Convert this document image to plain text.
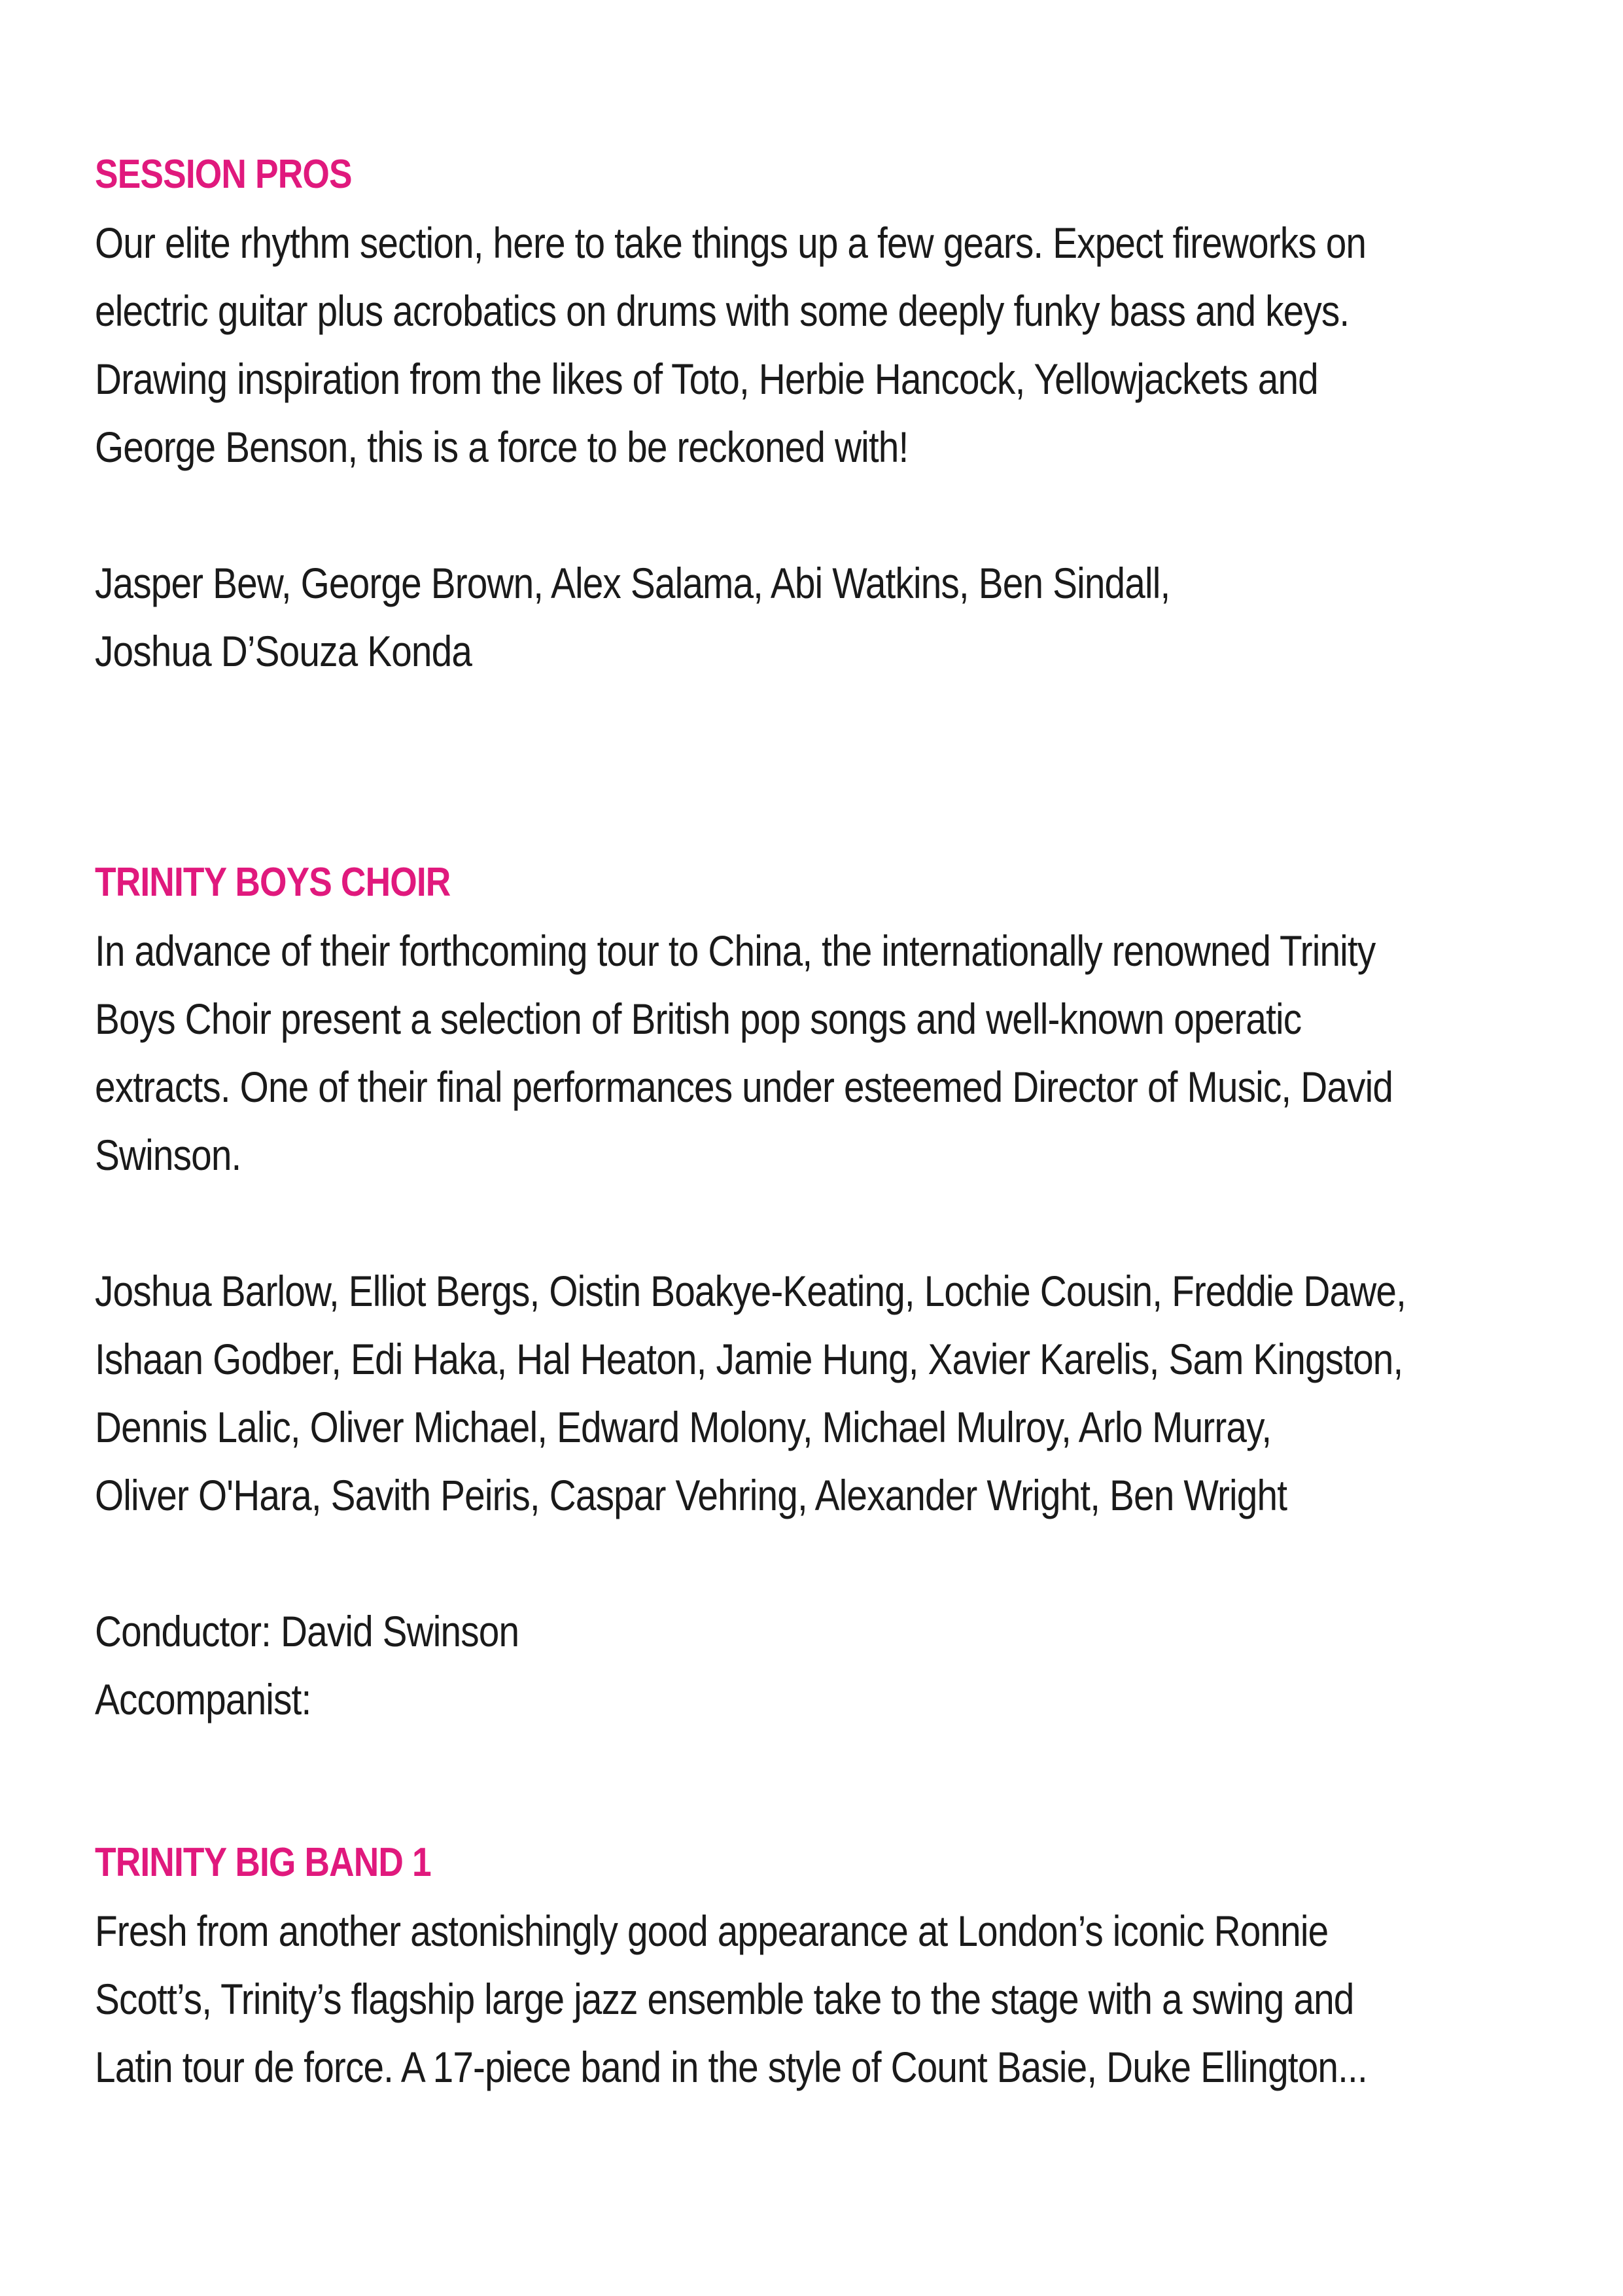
SESSION PROS

Our elite rhythm section, here to take things up a few gears. Expect fireworks on
electric guitar plus acrobatics on drums with some deeply funky bass and keys.
Drawing inspiration from the likes of Toto, Herbie Hancock, Yellowjackets and
George Benson, this is a force to be reckoned with!

Jasper Bew, George Brown, Alex Salama, Abi Watkins, Ben Sindall,
Joshua D’Souza Konda

TRINITY BOYS CHOIR

In advance of their forthcoming tour to China, the internationally renowned Trinity
Boys Choir present a selection of British pop songs and well-known operatic
extracts. One of their final performances under esteemed Director of Music, David
Swinson.

Joshua Barlow, Elliot Bergs, Oistin Boakye-Keating, Lochie Cousin, Freddie Dawe,
Ishaan Godber, Edi Haka, Hal Heaton, Jamie Hung, Xavier Karelis, Sam Kingston,
Dennis Lalic, Oliver Michael, Edward Molony, Michael Mulroy, Arlo Murray,
Oliver O'Hara, Savith Peiris, Caspar Vehring, Alexander Wright, Ben Wright

Conductor: David Swinson
Accompanist:

TRINITY BIG BAND 1

Fresh from another astonishingly good appearance at London’s iconic Ronnie
Scott’s, Trinity’s flagship large jazz ensemble take to the stage with a swing and
Latin tour de force. A 17-piece band in the style of Count Basie, Duke Ellington...
